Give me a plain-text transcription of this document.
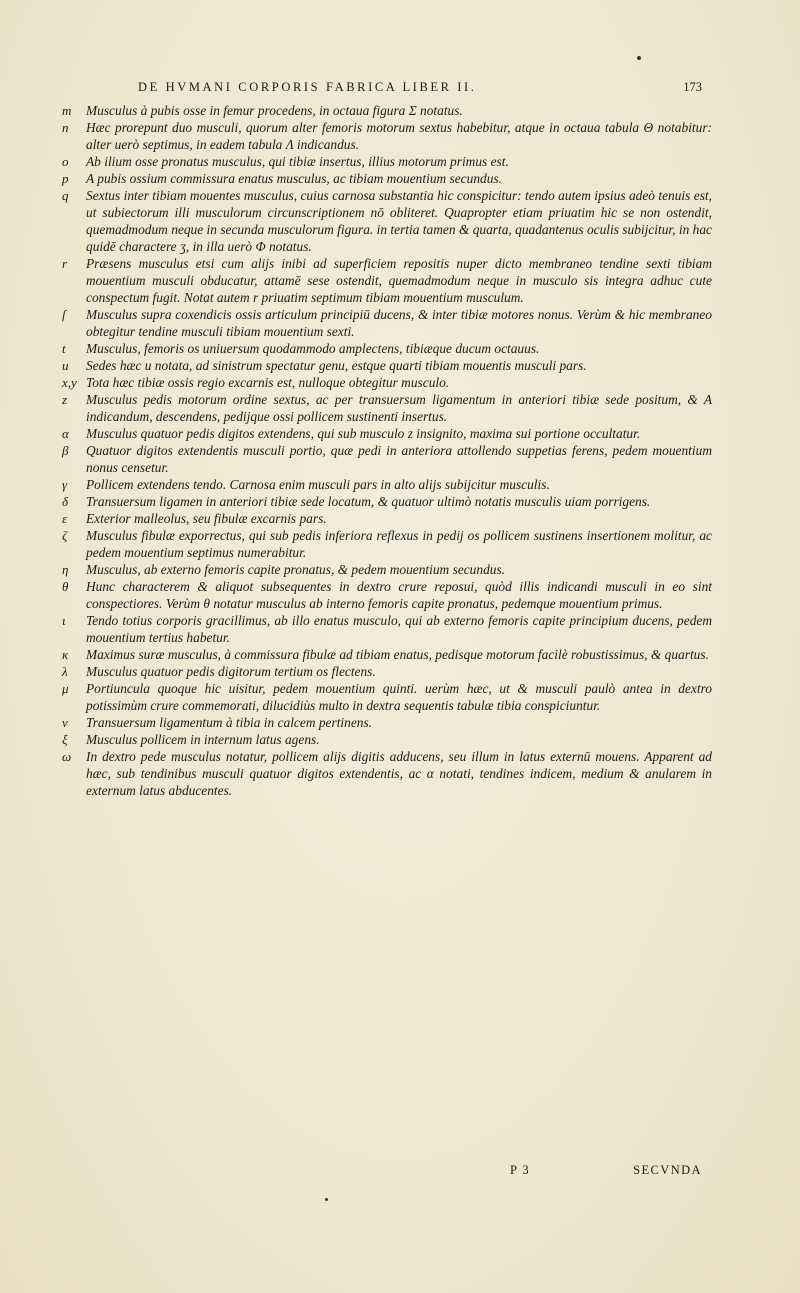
DE HVMANI CORPORIS FABRICA LIBER II.	173
m	Musculus à pubis osse in femur procedens, in octaua figura Σ notatus.
n	Hæc prorepunt duo musculi, quorum alter femoris motorum sextus habebitur, atque in octaua tabula Θ notabitur: alter uerò septimus, in eadem tabula Λ indicandus.
o	Ab ilium osse pronatus musculus, qui tibiæ insertus, illius motorum primus est.
p	A pubis ossium commissura enatus musculus, ac tibiam mouentium secundus.
q	Sextus inter tibiam mouentes musculus, cuius carnosa substantia hic conspicitur: tendo autem ipsius adeò tenuis est, ut subiectorum illi musculorum circunscriptionem nō obliteret. Quapropter etiam priuatim hic se non ostendit, quemadmodum neque in secunda musculorum figura. in tertia tamen & quarta, quadantenus oculis subijcitur, in hac quidē charactere ʒ, in illa uerò Φ notatus.
r	Præsens musculus etsi cum alijs inibi ad superficiem repositis nuper dicto membraneo tendine sexti tibiam mouentium musculi obducatur, attamē sese ostendit, quemadmodum neque in musculo sis integra adhuc cute conspectum fugit. Notat autem r priuatim septimum tibiam mouentium musculum.
ſ	Musculus supra coxendicis ossis articulum principiū ducens, & inter tibiæ motores nonus. Verùm & hic membraneo obtegitur tendine musculi tibiam mouentium sexti.
t	Musculus, femoris os uniuersum quodammodo amplectens, tibiæque ducum octauus.
u	Sedes hæc u notata, ad sinistrum spectatur genu, estque quarti tibiam mouentis musculi pars.
x,y Tota hæc tibiæ ossis regio excarnis est, nulloque obtegitur musculo.
z	Musculus pedis motorum ordine sextus, ac per transuersum ligamentum in anteriori tibiæ sede positum, & A indicandum, descendens, pedijque ossi pollicem sustinenti insertus.
α	Musculus quatuor pedis digitos extendens, qui sub musculo z insignito, maxima sui portione occultatur.
β	Quatuor digitos extendentis musculi portio, quæ pedi in anteriora attollendo suppetias ferens, pedem mouentium nonus censetur.
γ	Pollicem extendens tendo. Carnosa enim musculi pars in alto alijs subijcitur musculis.
δ	Transuersum ligamen in anteriori tibiæ sede locatum, & quatuor ultimò notatis musculis uiam porrigens.
ε	Exterior malleolus, seu fibulæ excarnis pars.
ζ	Musculus fibulæ exporrectus, qui sub pedis inferiora reflexus in pedij os pollicem sustinens insertionem molitur, ac pedem mouentium septimus numerabitur.
η	Musculus, ab externo femoris capite pronatus, & pedem mouentium secundus.
θ	Hunc characterem & aliquot subsequentes in dextro crure reposui, quòd illis indicandi musculi in eo sint conspectiores. Verùm θ notatur musculus ab interno femoris capite pronatus, pedemque mouentium primus.
ι	Tendo totius corporis gracillimus, ab illo enatus musculo, qui ab externo femoris capite principium ducens, pedem mouentium tertius habetur.
κ	Maximus suræ musculus, à commissura fibulæ ad tibiam enatus, pedisque motorum facilè robustissimus, & quartus.
λ	Musculus quatuor pedis digitorum tertium os flectens.
μ	Portiuncula quoque hic uisitur, pedem mouentium quinti. uerùm hæc, ut & musculi paulò antea in dextro potissimùm crure commemorati, dilucidiùs multo in dextra sequentis tabulæ tibia conspiciuntur.
ν	Transuersum ligamentum à tibia in calcem pertinens.
ξ	Musculus pollicem in internum latus agens.
ω	In dextro pede musculus notatur, pollicem alijs digitis adducens, seu illum in latus externū mouens. Apparent ad hæc, sub tendinibus musculi quatuor digitos extendentis, ac α notati, tendines indicem, medium & anularem in externum latus abducentes.
P 3	SECVNDA
